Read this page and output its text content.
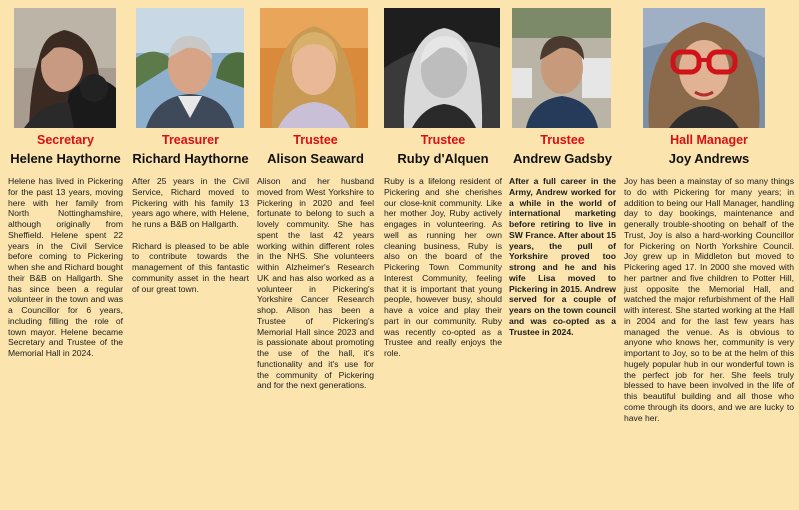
Secretary
Helene Haythorne

Helene has lived in Pickering for the past 13 years, moving here with her family from North Nottinghamshire, although originally from Sheffield. Helene spent 22 years in the Civil Service before coming to Pickering when she and Richard bought their B&B on Hallgarth. She has since been a regular volunteer in the town and was a Councillor for 6 years, including filling the role of town mayor. Helene became Secretary and Trustee of the Memorial Hall in 2024.

Treasurer
Richard Haythorne

After 25 years in the Civil Service, Richard moved to Pickering with his family 13 years ago where, with Helene, he runs a B&B on Hallgarth.

Richard is pleased to be able to contribute towards the management of this fantastic community asset in the heart of our great town.

Trustee
Alison Seaward

Alison and her husband moved from West Yorkshire to Pickering in 2020 and feel fortunate to belong to such a lovely community. She has spent the last 42 years working within different roles in the NHS. She volunteers within Alzheimer's Research UK and has also worked as a volunteer in Pickering's Yorkshire Cancer Research shop. Alison has been a Trustee of Pickering's Memorial Hall since 2023 and is passionate about promoting the use of the hall, it's functionality and it's use for the community of Pickering and for the next generations.

Trustee
Ruby d'Alquen

Ruby is a lifelong resident of Pickering and she cherishes our close-knit community. Like her mother Joy, Ruby actively engages in volunteering. As well as running her own cleaning business, Ruby is also on the board of the Pickering Town Community Interest Community, feeling that it is important that young people, however busy, should have a voice and play their part in our community. Ruby was recently co-opted as a Trustee and really enjoys the role.

Trustee
Andrew Gadsby

After a full career in the Army, Andrew worked for a while in the world of international marketing before retiring to live in SW France. After about 15 years, the pull of Yorkshire proved too strong and he and his wife Lisa moved to Pickering in 2015. Andrew served for a couple of years on the town council and was co-opted as a Trustee in 2024.

Hall Manager
Joy Andrews

Joy has been a mainstay of so many things to do with Pickering for many years; in addition to being our Hall Manager, handling day to day bookings, maintenance and generally trouble-shooting on behalf of the Trust, Joy is also a hard-working Councillor for Pickering on North Yorkshire Council. Joy grew up in Middleton but moved to Pickering aged 17. In 2000 she moved with her partner and five children to Potter Hill, just opposite the Memorial Hall, and watched the major refurbishment of the Hall with interest. She started working at the Hall in 2004 and for the last few years has managed the venue. As is obvious to anyone who knows her, community is very important to Joy, so to be at the helm of this hugely popular hub in our wonderful town is the perfect job for her. She feels truly blessed to have been involved in the life of this beautiful building and all those who come through its doors, and we are lucky to have her.
